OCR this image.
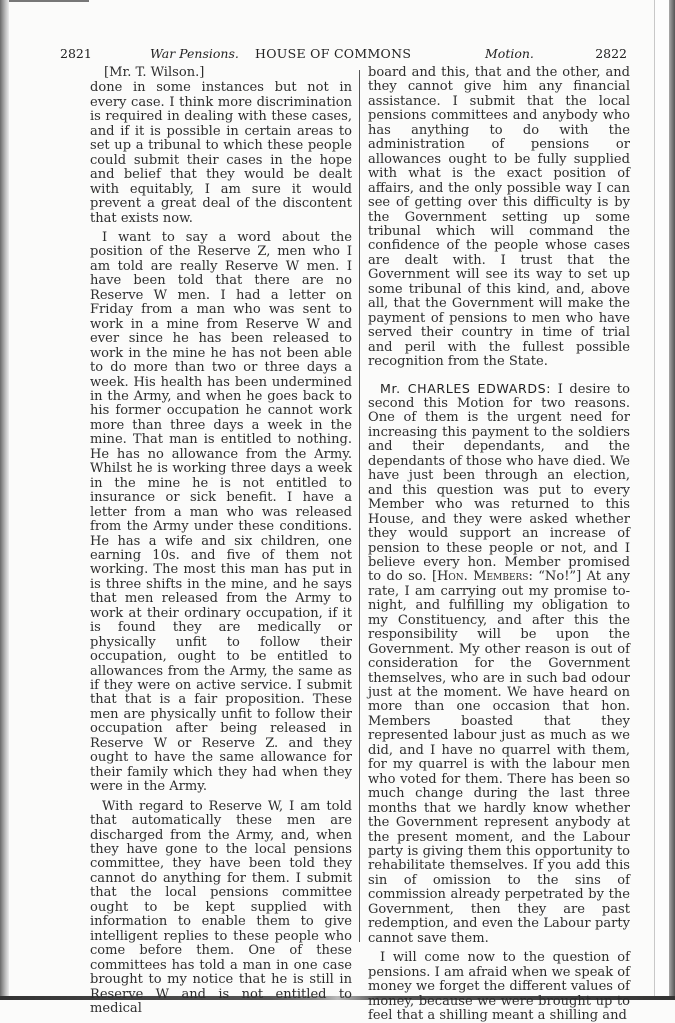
2821	War Pensions. HOUSE OF COMMONS	Motion.	2822

[Mr. T. Wilson.]

done in some instances but not in every case. I think more discrimination is required in dealing with these cases, and if it is possible in certain areas to set up a tribunal to which these people could submit their cases in the hope and belief that they would be dealt with equitably, I am sure it would prevent a great deal of the discontent that exists now.

I want to say a word about the position of the Reserve Z, men who I am told are really Reserve W men. I have been told that there are no Reserve W men. I had a letter on Friday from a man who was sent to work in a mine from Reserve W and ever since he has been released to work in the mine he has not been able to do more than two or three days a week. His health has been undermined in the Army, and when he goes back to his former occupation he cannot work more than three days a week in the mine. That man is entitled to nothing. He has no allowance from the Army. Whilst he is working three days a week in the mine he is not entitled to insurance or sick benefit. I have a letter from a man who was released from the Army under these conditions. He has a wife and six children, one earning 10s. and five of them not working. The most this man has put in is three shifts in the mine, and he says that men released from the Army to work at their ordinary occupation, if it is found they are medically or physically unfit to follow their occupation, ought to be entitled to allowances from the Army, the same as if they were on active service. I submit that that is a fair proposition. These men are physically unfit to follow their occupation after being released in Reserve W or Reserve Z. and they ought to have the same allowance for their family which they had when they were in the Army.

With regard to Reserve W, I am told that automatically these men are discharged from the Army, and, when they have gone to the local pensions committee, they have been told they cannot do anything for them. I submit that the local pensions committee ought to be kept supplied with information to enable them to give intelligent replies to these people who come before them. One of these committees has told a man in one case brought to my notice that he is still in Reserve W and is not entitled to medical

board and this, that and the other, and they cannot give him any financial assistance. I submit that the local pensions committees and anybody who has anything to do with the administration of pensions or allowances ought to be fully supplied with what is the exact position of affairs, and the only possible way I can see of getting over this difficulty is by the Government setting up some tribunal which will command the confidence of the people whose cases are dealt with. I trust that the Government will see its way to set up some tribunal of this kind, and, above all, that the Government will make the payment of pensions to men who have served their country in time of trial and peril with the fullest possible recognition from the State.

Mr. CHARLES EDWARDS: I desire to second this Motion for two reasons. One of them is the urgent need for increasing this payment to the soldiers and their dependants, and the dependants of those who have died. We have just been through an election, and this question was put to every Member who was returned to this House, and they were asked whether they would support an increase of pension to these people or not, and I believe every hon. Member promised to do so. [Hon. Members: “No!”] At any rate, I am carrying out my promise to-night, and fulfilling my obligation to my Constituency, and after this the responsibility will be upon the Government. My other reason is out of consideration for the Government themselves, who are in such bad odour just at the moment. We have heard on more than one occasion that hon. Members boasted that they represented labour just as much as we did, and I have no quarrel with them, for my quarrel is with the labour men who voted for them. There has been so much change during the last three months that we hardly know whether the Government represent anybody at the present moment, and the Labour party is giving them this opportunity to rehabilitate themselves. If you add this sin of omission to the sins of commission already perpetrated by the Government, then they are past redemption, and even the Labour party cannot save them.

I will come now to the question of pensions. I am afraid when we speak of money we forget the different values of money, because we were brought up to feel that a shilling meant a shilling and
